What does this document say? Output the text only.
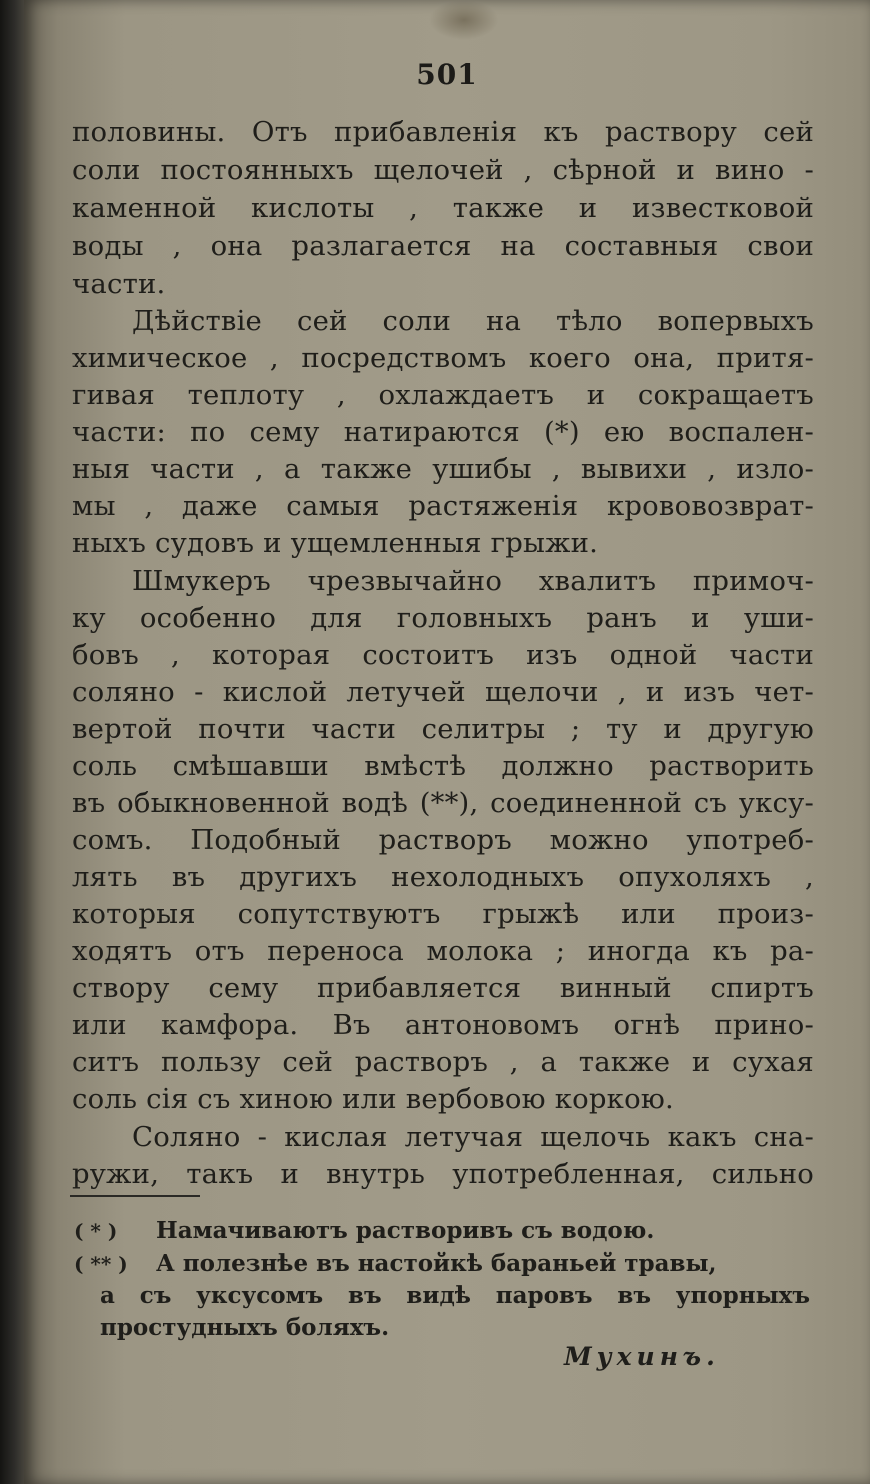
501
половины. Отъ прибавленія къ раствору сей
соли постоянныхъ щелочей , сѣрной и вино -
каменной кислоты , также и известковой
воды , она разлагается на составныя свои
части.
Дѣйствіе сей соли на тѣло вопервыхъ
химическое , посредствомъ коего она, притя-
гивая теплоту , охлаждаетъ и сокращаетъ
части: по сему натираются (*) ею воспален-
ныя части , а также ушибы , вывихи , изло-
мы , даже самыя растяженія крововозврат-
ныхъ судовъ и ущемленныя грыжи.
Шмукеръ чрезвычайно хвалитъ примоч-
ку особенно для головныхъ ранъ и уши-
бовъ , которая состоитъ изъ одной части
соляно - кислой летучей щелочи , и изъ чет-
вертой почти части селитры ; ту и другую
соль смѣшавши вмѣстѣ должно растворить
въ обыкновенной водѣ (**), соединенной съ уксу-
сомъ. Подобный растворъ можно употреб-
лять въ другихъ нехолодныхъ опухоляхъ ,
которыя сопутствуютъ грыжѣ или произ-
ходятъ отъ переноса молока ; иногда къ ра-
створу сему прибавляется винный спиртъ
или камфора. Въ антоновомъ огнѣ прино-
ситъ пользу сей растворъ , а также и сухая
соль сія съ хиною или вербовою коркою.
Соляно - кислая летучая щелочь какъ сна-
ружи, такъ и внутрь употребленная, сильно
( * )	Намачиваютъ растворивъ съ водою.
( ** )	А полезнѣе въ настойкѣ бараньей травы,
а съ уксусомъ въ видѣ паровъ въ упорныхъ
простудныхъ боляхъ.
Мухинъ.
